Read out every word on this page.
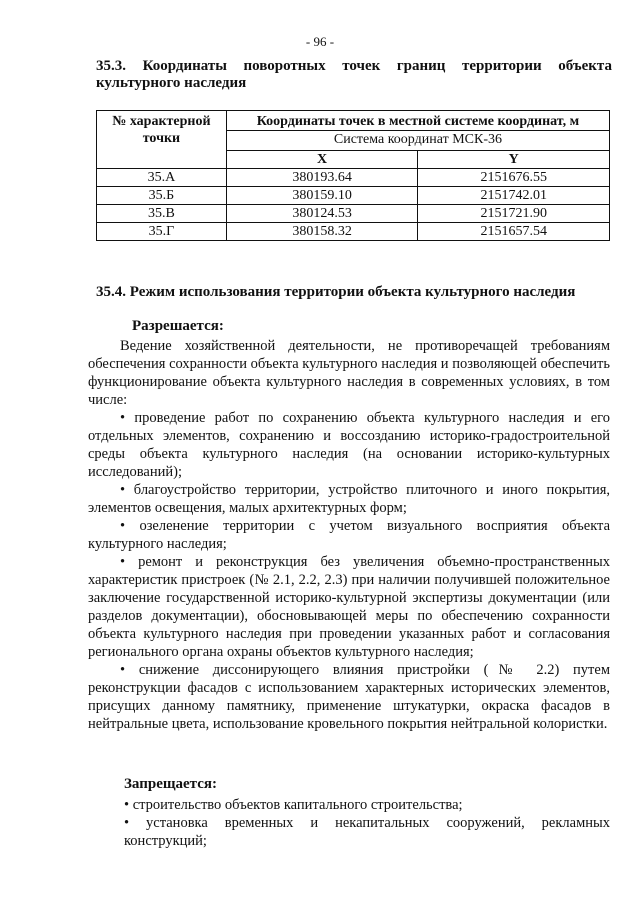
- 96 -
35.3. Координаты поворотных точек границ территории объекта культурного наследия
№ характерной точки	Координаты точек в местной системе координат, м	
	Система координат МСК-36	
	X	Y
35.А	380193.64	2151676.55
35.Б	380159.10	2151742.01
35.В	380124.53	2151721.90
35.Г	380158.32	2151657.54
35.4. Режим использования территории объекта культурного наследия
Разрешается:
Ведение хозяйственной деятельности, не противоречащей требованиям обеспечения сохранности объекта культурного наследия и позволяющей обеспечить функционирование объекта культурного наследия в современных условиях, в том числе:
• проведение работ по сохранению объекта культурного наследия и его отдельных элементов, сохранению и воссозданию историко-градостроительной среды объекта культурного наследия (на основании историко-культурных исследований);
• благоустройство территории, устройство плиточного и иного покрытия, элементов освещения, малых архитектурных форм;
• озеленение территории с учетом визуального восприятия объекта культурного наследия;
• ремонт и реконструкция без увеличения объемно-пространственных характеристик пристроек (№ 2.1, 2.2, 2.3) при наличии получившей положительное заключение государственной историко-культурной экспертизы документации (или разделов документации), обосновывающей меры по обеспечению сохранности объекта культурного наследия при проведении указанных работ и согласования регионального органа охраны объектов культурного наследия;
• снижение диссонирующего влияния пристройки (№ 2.2) путем реконструкции фасадов с использованием характерных исторических элементов, присущих данному памятнику, применение штукатурки, окраска фасадов в нейтральные цвета, использование кровельного покрытия нейтральной колористки.
Запрещается:

• строительство объектов капитального строительства;

• установка временных и некапитальных сооружений, рекламных конструкций;
